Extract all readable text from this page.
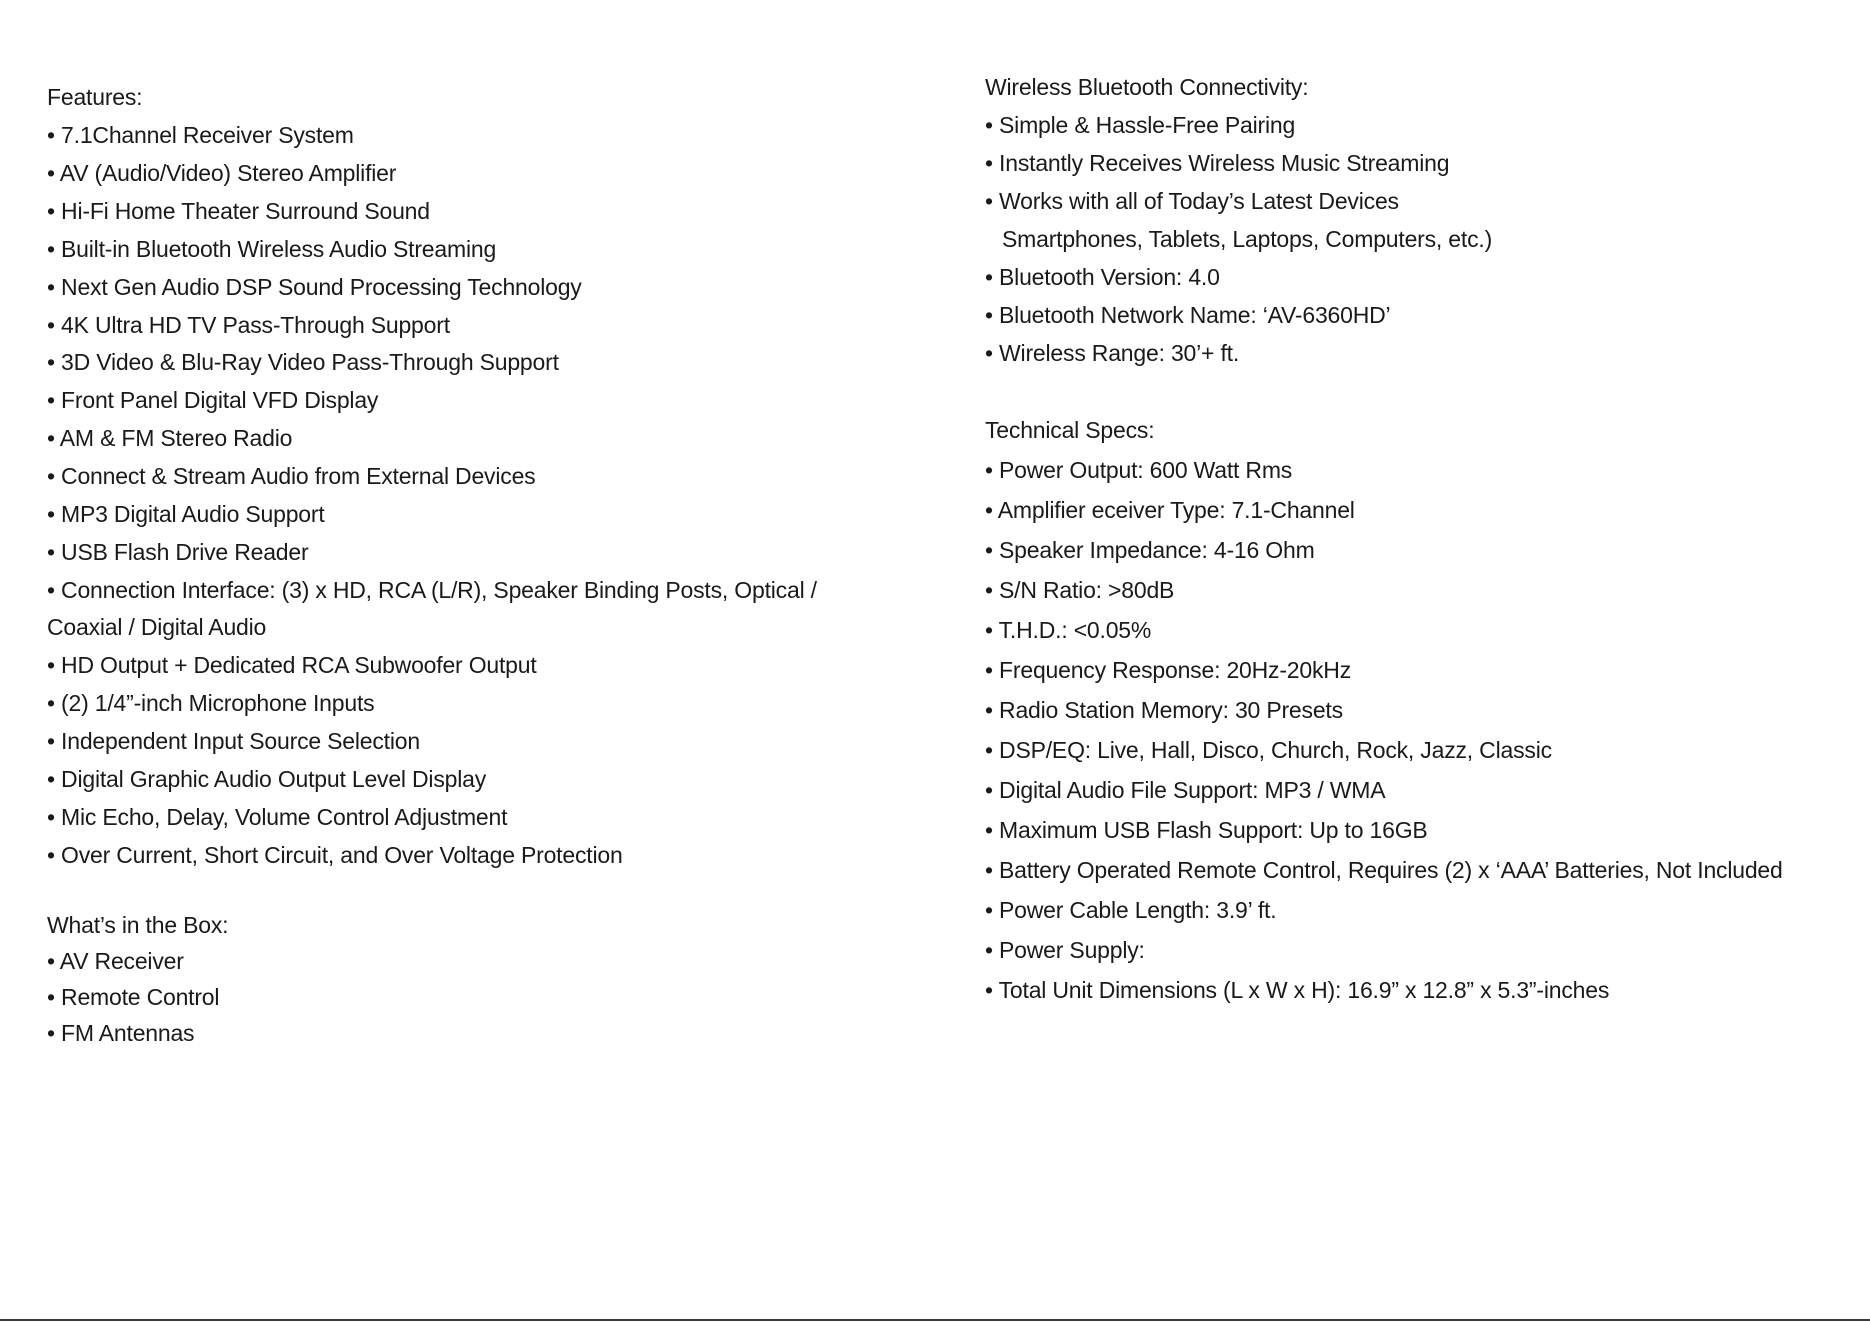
Features:
• 7.1Channel Receiver System
• AV (Audio/Video) Stereo Amplifier
• Hi-Fi Home Theater Surround Sound
• Built-in Bluetooth Wireless Audio Streaming
• Next Gen Audio DSP Sound Processing Technology
• 4K Ultra HD TV Pass-Through Support
• 3D Video & Blu-Ray Video Pass-Through Support
• Front Panel Digital VFD Display
• AM & FM Stereo Radio
• Connect & Stream Audio from External Devices
• MP3 Digital Audio Support
• USB Flash Drive Reader
• Connection Interface: (3) x HD, RCA (L/R), Speaker Binding Posts, Optical /
Coaxial / Digital Audio
• HD Output + Dedicated RCA Subwoofer Output
• (2) 1/4”-inch Microphone Inputs
• Independent Input Source Selection
• Digital Graphic Audio Output Level Display
• Mic Echo, Delay, Volume Control Adjustment
• Over Current, Short Circuit, and Over Voltage Protection
What’s in the Box:
• AV Receiver
• Remote Control
• FM Antennas
Wireless Bluetooth Connectivity:
• Simple & Hassle-Free Pairing
• Instantly Receives Wireless Music Streaming
• Works with all of Today’s Latest Devices
Smartphones, Tablets, Laptops, Computers, etc.)
• Bluetooth Version: 4.0
• Bluetooth Network Name: ‘AV-6360HD’
• Wireless Range: 30’+ ft.
Technical Specs:
• Power Output: 600 Watt Rms
• Amplifier eceiver Type: 7.1-Channel
• Speaker Impedance: 4-16 Ohm
• S/N Ratio: >80dB
• T.H.D.: <0.05%
• Frequency Response: 20Hz-20kHz
• Radio Station Memory: 30 Presets
• DSP/EQ: Live, Hall, Disco, Church, Rock, Jazz, Classic
• Digital Audio File Support: MP3 / WMA
• Maximum USB Flash Support: Up to 16GB
• Battery Operated Remote Control, Requires (2) x ‘AAA’ Batteries, Not Included
• Power Cable Length: 3.9’ ft.
• Power Supply:
• Total Unit Dimensions (L x W x H): 16.9” x 12.8” x 5.3”-inches
